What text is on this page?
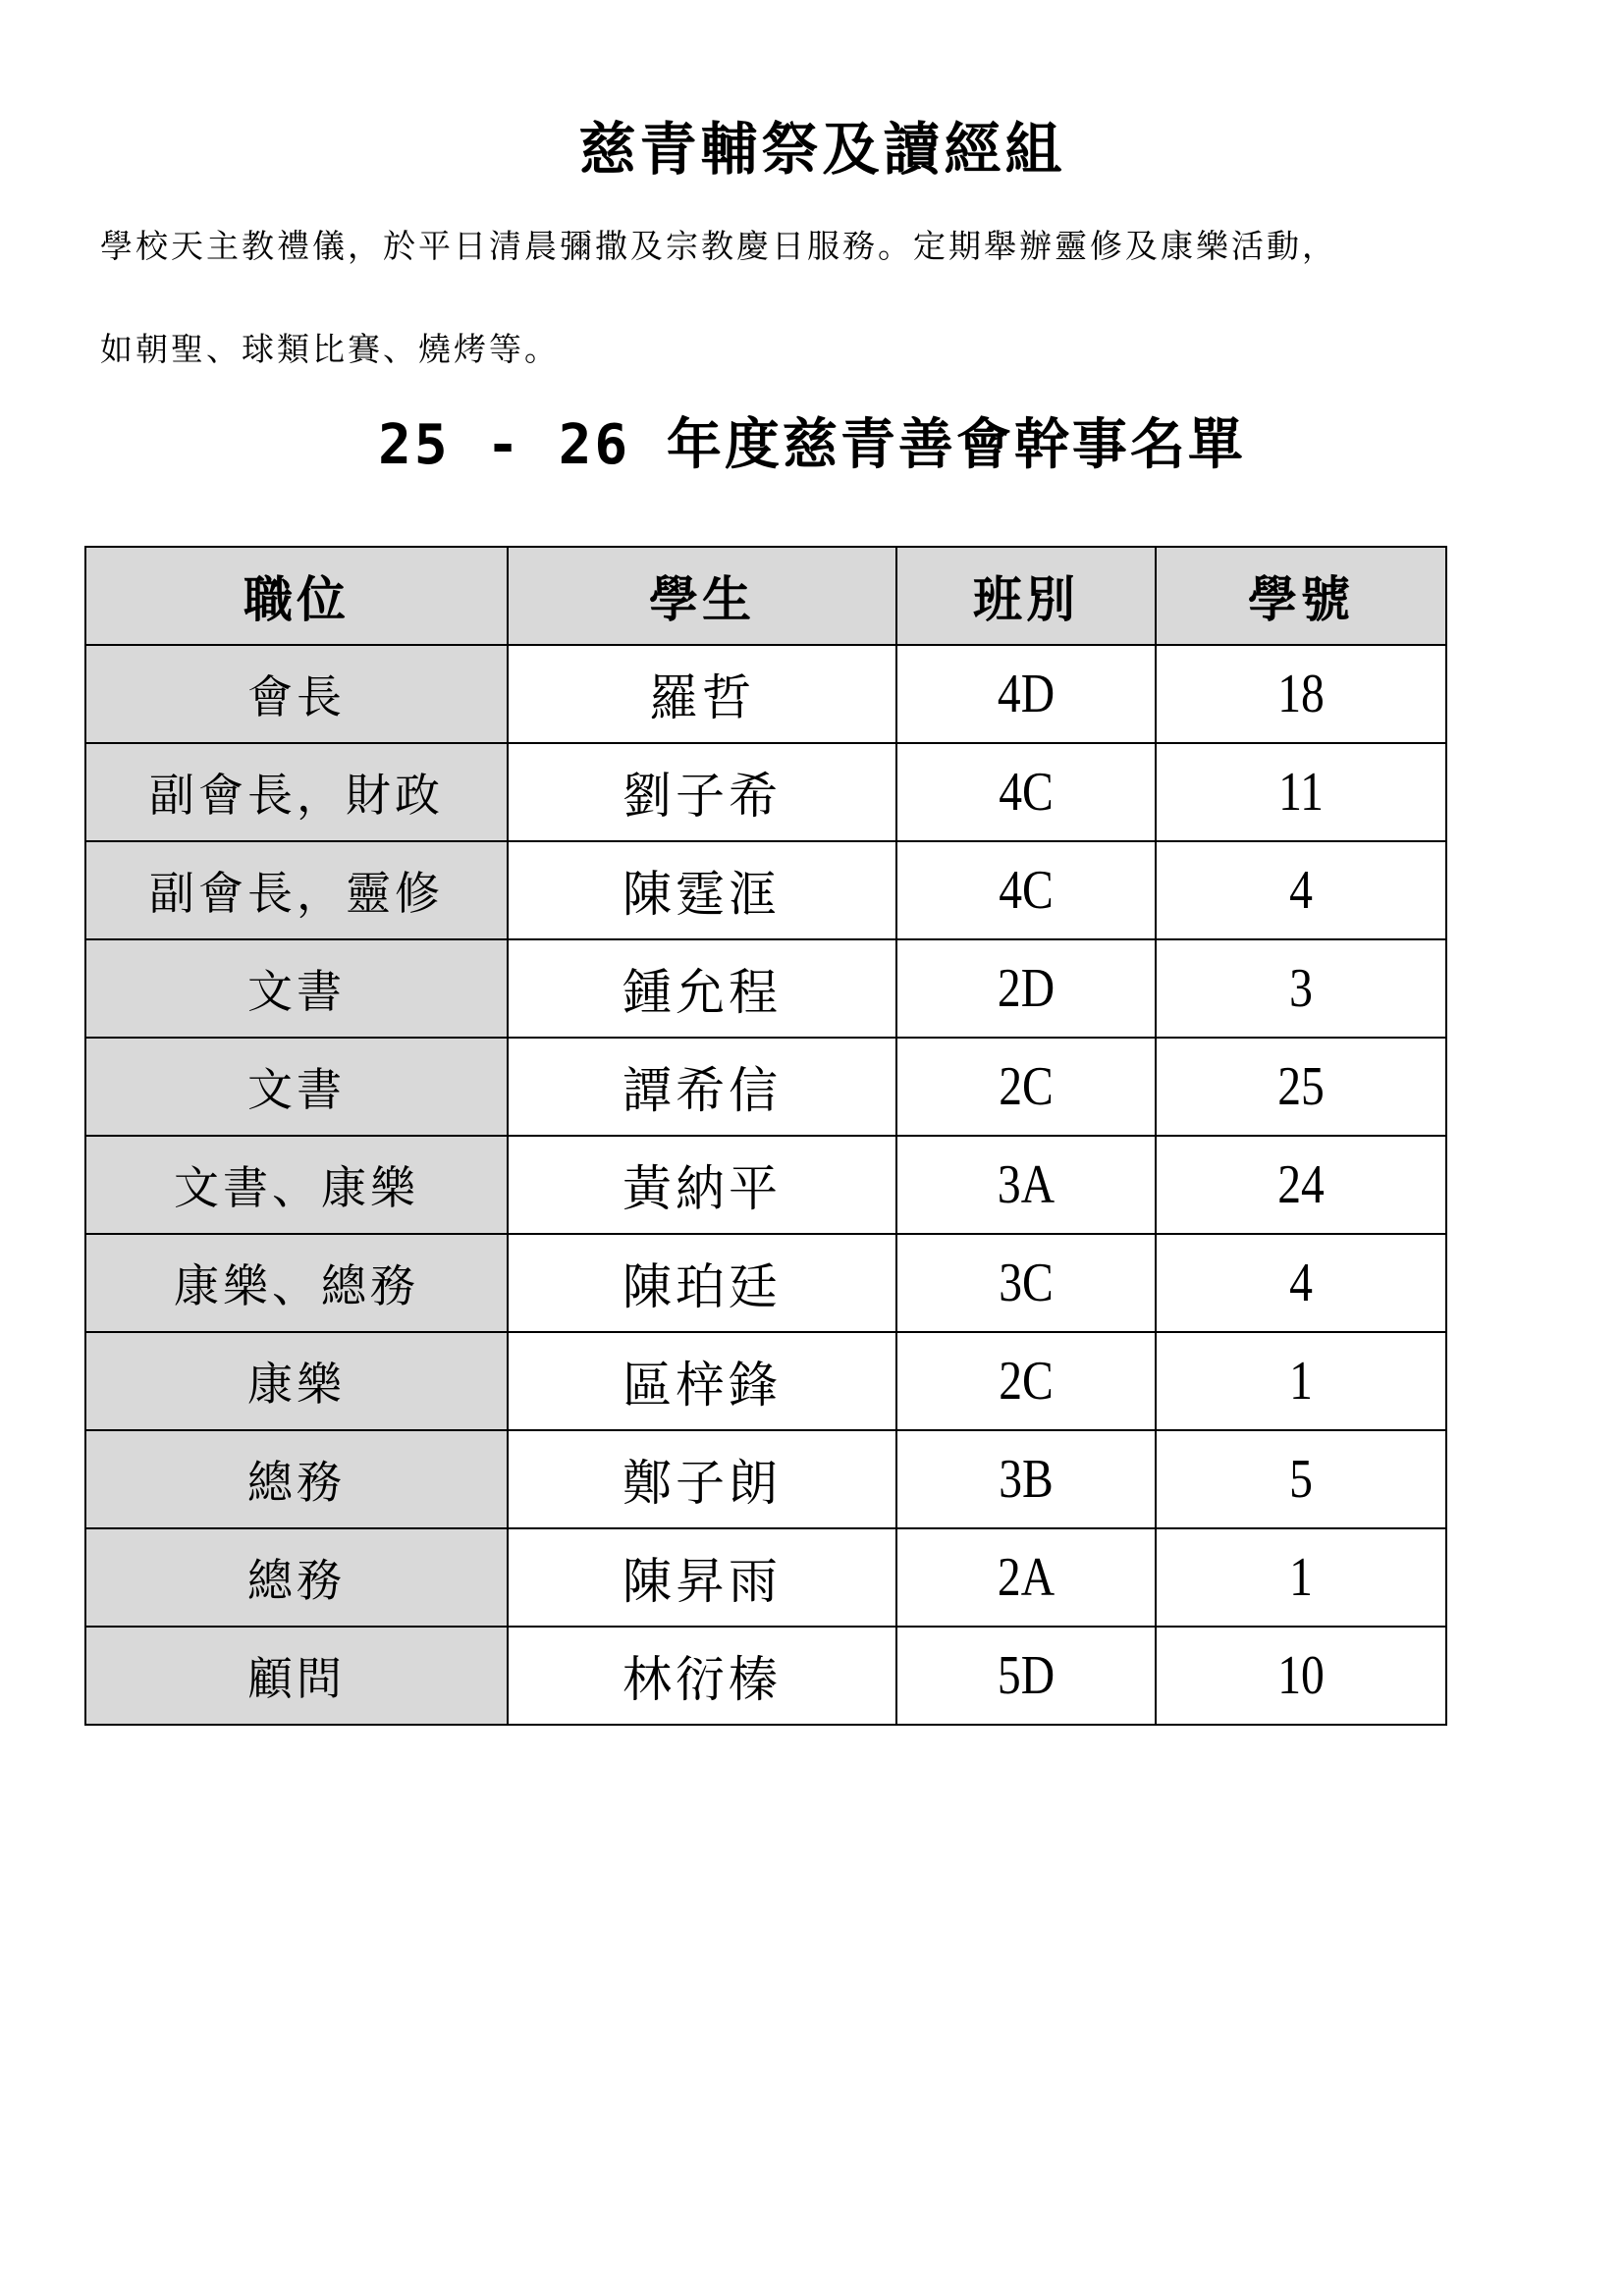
慈青輔祭及讀經組
學校天主教禮儀，於平日清晨彌撒及宗教慶日服務。定期舉辦靈修及康樂活動，
如朝聖、球類比賽、燒烤等。
25 - 26 年度慈青善會幹事名單
職位	學生	班別	學號
會長	羅哲	4D	18
副會長，財政	劉子希	4C	11
副會長，靈修	陳霆洭	4C	4
文書	鍾允程	2D	3
文書	譚希信	2C	25
文書、康樂	黃納平	3A	24
康樂、總務	陳珀廷	3C	4
康樂	區梓鋒	2C	1
總務	鄭子朗	3B	5
總務	陳昇雨	2A	1
顧問	林衍榛	5D	10
